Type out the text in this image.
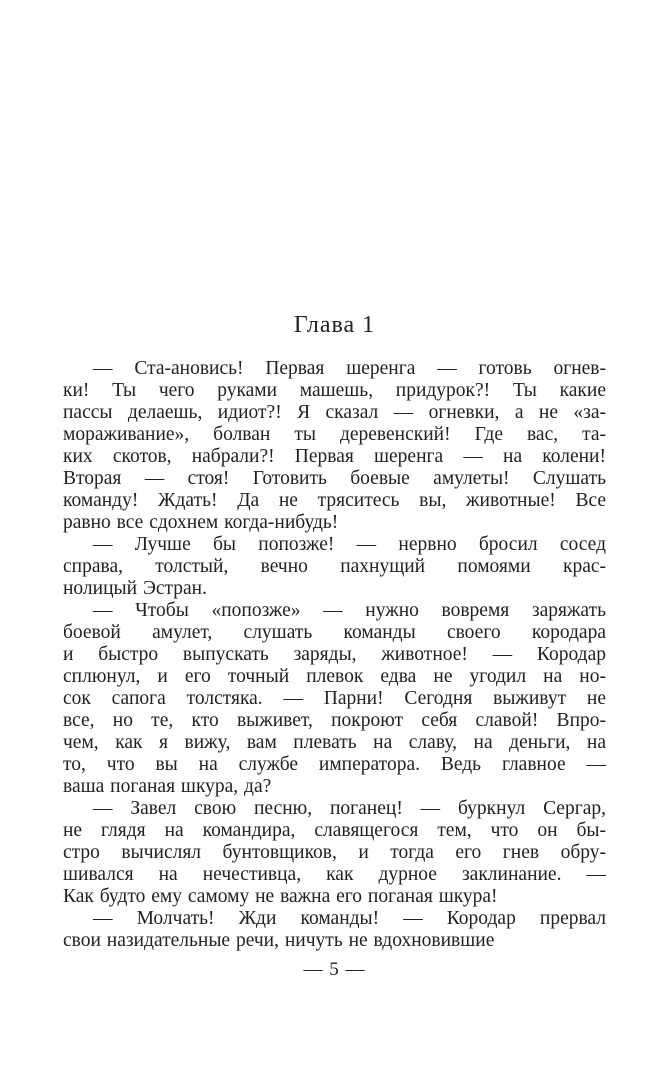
Глава 1
— Ста-ановись! Первая шеренга — готовь огнев-
ки! Ты чего руками машешь, придурок?! Ты какие
пассы делаешь, идиот?! Я сказал — огневки, а не «за-
мораживание», болван ты деревенский! Где вас, та-
ких скотов, набрали?! Первая шеренга — на колени!
Вторая — стоя! Готовить боевые амулеты! Слушать
команду! Ждать! Да не тряситесь вы, животные! Все
равно все сдохнем когда-нибудь!
— Лучше бы попозже! — нервно бросил сосед
справа, толстый, вечно пахнущий помоями крас-
нолицый Эстран.
— Чтобы «попозже» — нужно вовремя заряжать
боевой амулет, слушать команды своего кородара
и быстро выпускать заряды, животное! — Кородар
сплюнул, и его точный плевок едва не угодил на но-
сок сапога толстяка. — Парни! Сегодня выживут не
все, но те, кто выживет, покроют себя славой! Впро-
чем, как я вижу, вам плевать на славу, на деньги, на
то, что вы на службе императора. Ведь главное —
ваша поганая шкура, да?
— Завел свою песню, поганец! — буркнул Сергар,
не глядя на командира, славящегося тем, что он бы-
стро вычислял бунтовщиков, и тогда его гнев обру-
шивался на нечестивца, как дурное заклинание. —
Как будто ему самому не важна его поганая шкура!
— Молчать! Жди команды! — Кородар прервал
свои назидательные речи, ничуть не вдохновившие
— 5 —
